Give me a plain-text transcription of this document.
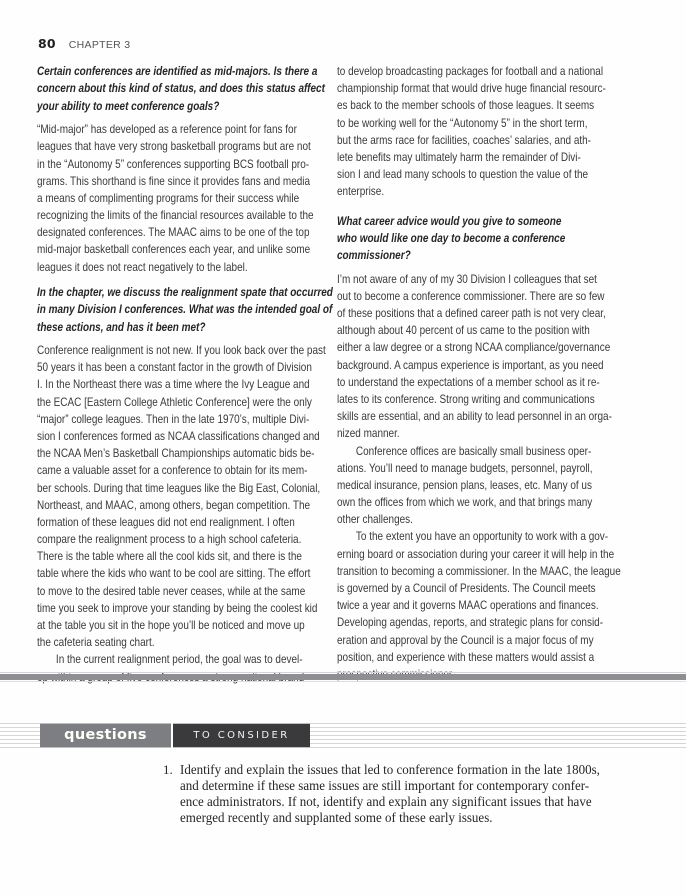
80 CHAPTER 3
Certain conferences are identified as mid-majors. Is there a
concern about this kind of status, and does this status affect
your ability to meet conference goals?
“Mid-major” has developed as a reference point for fans for
leagues that have very strong basketball programs but are not
in the “Autonomy 5” conferences supporting BCS football pro-
grams. This shorthand is fine since it provides fans and media
a means of complimenting programs for their success while
recognizing the limits of the financial resources available to the
designated conferences. The MAAC aims to be one of the top
mid-major basketball conferences each year, and unlike some
leagues it does not react negatively to the label.
In the chapter, we discuss the realignment spate that occurred
in many Division I conferences. What was the intended goal of
these actions, and has it been met?
Conference realignment is not new. If you look back over the past
50 years it has been a constant factor in the growth of Division
I. In the Northeast there was a time where the Ivy League and
the ECAC [Eastern College Athletic Conference] were the only
“major” college leagues. Then in the late 1970’s, multiple Divi-
sion I conferences formed as NCAA classifications changed and
the NCAA Men’s Basketball Championships automatic bids be-
came a valuable asset for a conference to obtain for its mem-
ber schools. During that time leagues like the Big East, Colonial,
Northeast, and MAAC, among others, began competition. The
formation of these leagues did not end realignment. I often
compare the realignment process to a high school cafeteria.
There is the table where all the cool kids sit, and there is the
table where the kids who want to be cool are sitting. The effort
to move to the desired table never ceases, while at the same
time you seek to improve your standing by being the coolest kid
at the table you sit in the hope you’ll be noticed and move up
the cafeteria seating chart.
In the current realignment period, the goal was to devel-
to develop broadcasting packages for football and a national
championship format that would drive huge financial resourc-
es back to the member schools of those leagues. It seems
to be working well for the “Autonomy 5” in the short term,
but the arms race for facilities, coaches’ salaries, and ath-
lete benefits may ultimately harm the remainder of Divi-
sion I and lead many schools to question the value of the
enterprise.
What career advice would you give to someone
who would like one day to become a conference
commissioner?
I’m not aware of any of my 30 Division I colleagues that set
out to become a conference commissioner. There are so few
of these positions that a defined career path is not very clear,
although about 40 percent of us came to the position with
either a law degree or a strong NCAA compliance/governance
background. A campus experience is important, as you need
to understand the expectations of a member school as it re-
lates to its conference. Strong writing and communications
skills are essential, and an ability to lead personnel in an orga-
nized manner.
Conference offices are basically small business oper-
ations. You’ll need to manage budgets, personnel, payroll,
medical insurance, pension plans, leases, etc. Many of us
own the offices from which we work, and that brings many
other challenges.
To the extent you have an opportunity to work with a gov-
erning board or association during your career it will help in the
transition to becoming a commissioner. In the MAAC, the league
is governed by a Council of Presidents. The Council meets
twice a year and it governs MAAC operations and finances.
Developing agendas, reports, and strategic plans for consid-
eration and approval by the Council is a major focus of my
position, and experience with these matters would assist a
questions	TO CONSIDER
1. Identify and explain the issues that led to conference formation in the late 1800s,
and determine if these same issues are still important for contemporary confer-
ence administrators. If not, identify and explain any significant issues that have
emerged recently and supplanted some of these early issues.
